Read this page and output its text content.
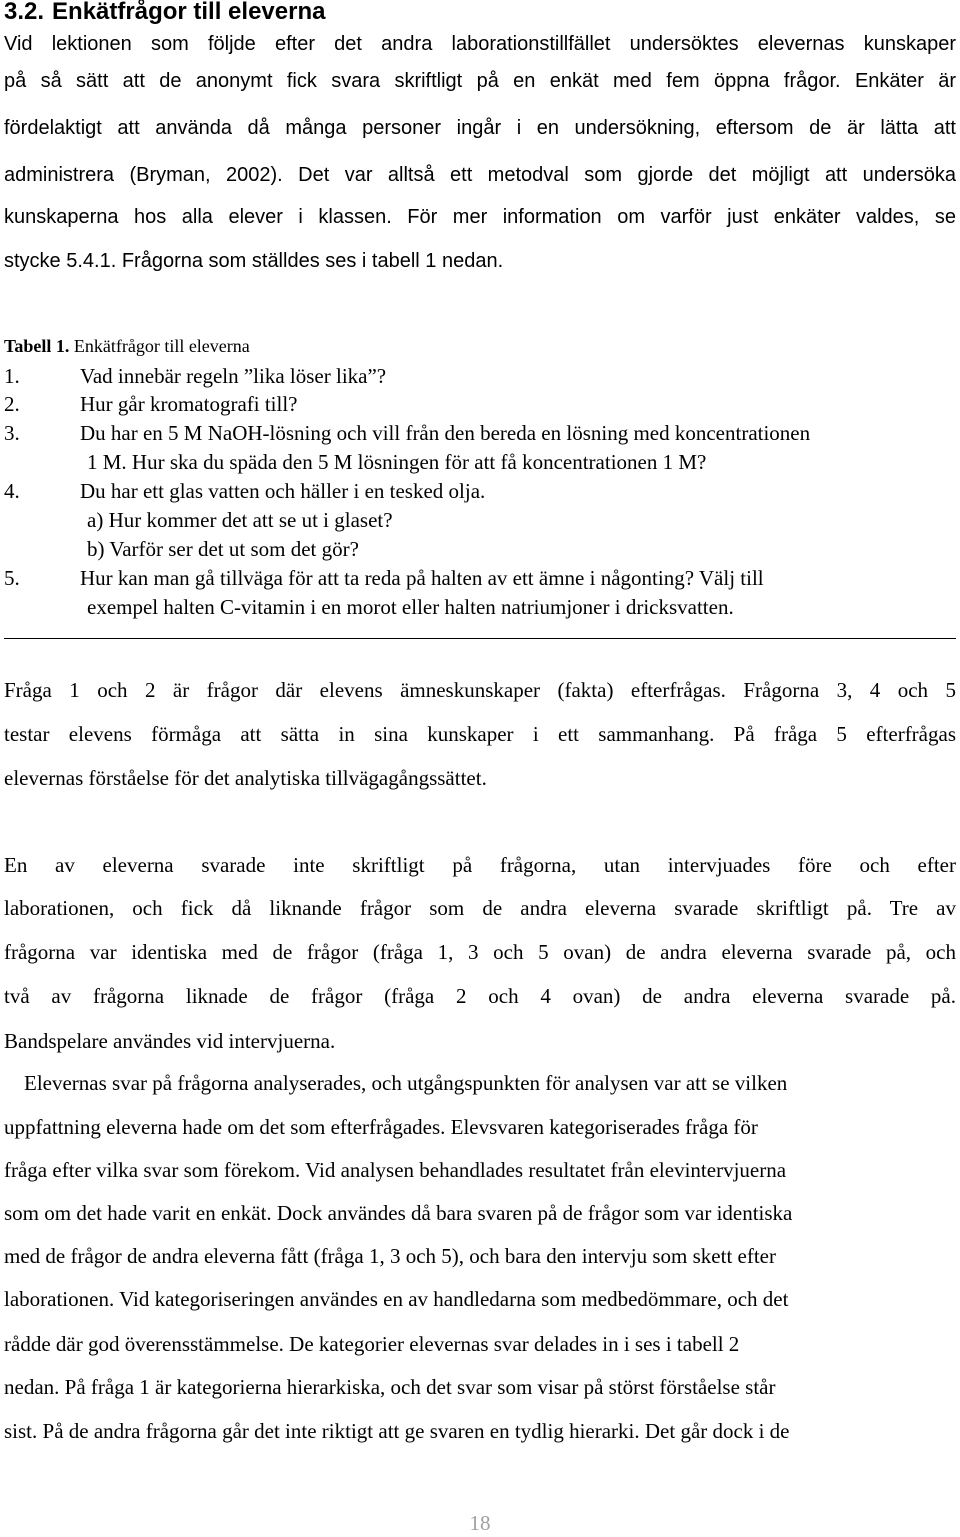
3.2. Enkätfrågor till eleverna
Vid lektionen som följde efter det andra laborationstillfället undersöktes elevernas kunskaper
på så sätt att de anonymt fick svara skriftligt på en enkät med fem öppna frågor. Enkäter är
fördelaktigt att använda då många personer ingår i en undersökning, eftersom de är lätta att
administrera (Bryman, 2002). Det var alltså ett metodval som gjorde det möjligt att undersöka
kunskaperna hos alla elever i klassen. För mer information om varför just enkäter valdes, se
stycke 5.4.1. Frågorna som ställdes ses i tabell 1 nedan.
Tabell 1. Enkätfrågor till eleverna
1.	Vad innebär regeln ”lika löser lika”?
2.	Hur går kromatografi till?
3.	Du har en 5 M NaOH-lösning och vill från den bereda en lösning med koncentrationen
1 M. Hur ska du späda den 5 M lösningen för att få koncentrationen 1 M?
4.	Du har ett glas vatten och häller i en tesked olja.
a) Hur kommer det att se ut i glaset?
b) Varför ser det ut som det gör?
5.	Hur kan man gå tillväga för att ta reda på halten av ett ämne i någonting? Välj till
exempel halten C-vitamin i en morot eller halten natriumjoner i dricksvatten.
Fråga 1 och 2 är frågor där elevens ämneskunskaper (fakta) efterfrågas. Frågorna 3, 4 och 5
testar elevens förmåga att sätta in sina kunskaper i ett sammanhang. På fråga 5 efterfrågas
elevernas förståelse för det analytiska tillvägagångssättet.
En av eleverna svarade inte skriftligt på frågorna, utan intervjuades före och efter
laborationen, och fick då liknande frågor som de andra eleverna svarade skriftligt på. Tre av
frågorna var identiska med de frågor (fråga 1, 3 och 5 ovan) de andra eleverna svarade på, och
två av frågorna liknade de frågor (fråga 2 och 4 ovan) de andra eleverna svarade på.
Bandspelare användes vid intervjuerna.
Elevernas svar på frågorna analyserades, och utgångspunkten för analysen var att se vilken
uppfattning eleverna hade om det som efterfrågades. Elevsvaren kategoriserades fråga för
fråga efter vilka svar som förekom. Vid analysen behandlades resultatet från elevintervjuerna
som om det hade varit en enkät. Dock användes då bara svaren på de frågor som var identiska
med de frågor de andra eleverna fått (fråga 1, 3 och 5), och bara den intervju som skett efter
laborationen. Vid kategoriseringen användes en av handledarna som medbedömmare, och det
rådde där god överensstämmelse. De kategorier elevernas svar delades in i ses i tabell 2
nedan. På fråga 1 är kategorierna hierarkiska, och det svar som visar på störst förståelse står
sist. På de andra frågorna går det inte riktigt att ge svaren en tydlig hierarki. Det går dock i de
18
